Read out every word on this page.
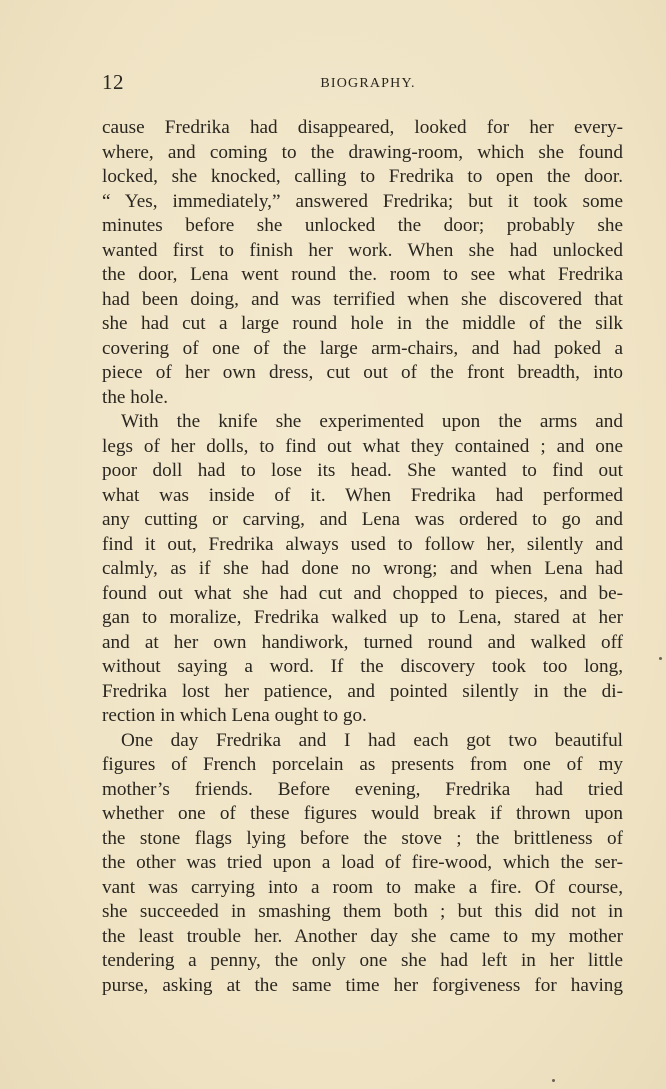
12	BIOGRAPHY.
cause Fredrika had disappeared, looked for her every-
where, and coming to the drawing-room, which she found
locked, she knocked, calling to Fredrika to open the door.
“ Yes, immediately,” answered Fredrika; but it took some
minutes before she unlocked the door; probably she
wanted first to finish her work. When she had unlocked
the door, Lena went round the. room to see what Fredrika
had been doing, and was terrified when she discovered that
she had cut a large round hole in the middle of the silk
covering of one of the large arm-chairs, and had poked a
piece of her own dress, cut out of the front breadth, into
the hole.
With the knife she experimented upon the arms and
legs of her dolls, to find out what they contained ; and one
poor doll had to lose its head. She wanted to find out
what was inside of it. When Fredrika had performed
any cutting or carving, and Lena was ordered to go and
find it out, Fredrika always used to follow her, silently and
calmly, as if she had done no wrong; and when Lena had
found out what she had cut and chopped to pieces, and be-
gan to moralize, Fredrika walked up to Lena, stared at her
and at her own handiwork, turned round and walked off
without saying a word. If the discovery took too long,
Fredrika lost her patience, and pointed silently in the di-
rection in which Lena ought to go.
One day Fredrika and I had each got two beautiful
figures of French porcelain as presents from one of my
mother’s friends. Before evening, Fredrika had tried
whether one of these figures would break if thrown upon
the stone flags lying before the stove ; the brittleness of
the other was tried upon a load of fire-wood, which the ser-
vant was carrying into a room to make a fire. Of course,
she succeeded in smashing them both ; but this did not in
the least trouble her. Another day she came to my mother
tendering a penny, the only one she had left in her little
purse, asking at the same time her forgiveness for having
